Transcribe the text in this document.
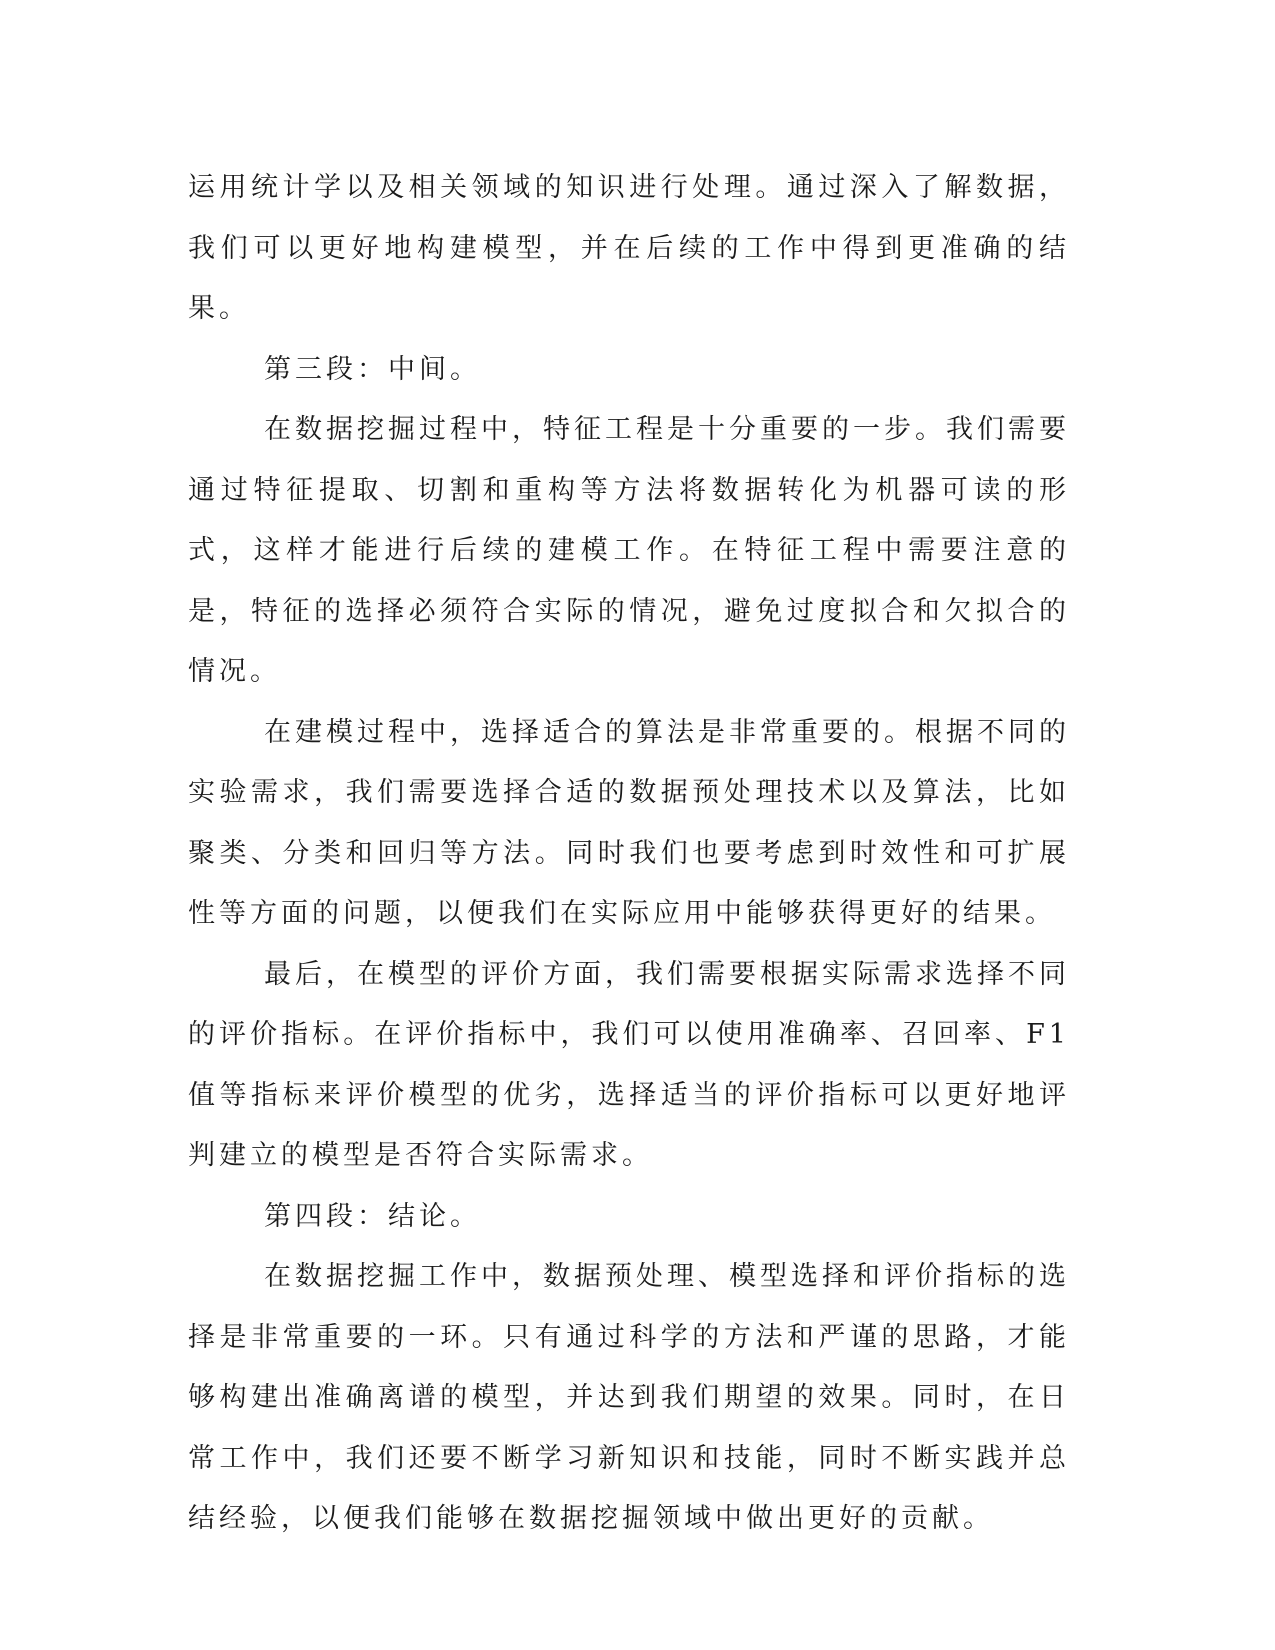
运用统计学以及相关领域的知识进行处理。通过深入了解数据，我们可以更好地构建模型，并在后续的工作中得到更准确的结果。

第三段：中间。

在数据挖掘过程中，特征工程是十分重要的一步。我们需要通过特征提取、切割和重构等方法将数据转化为机器可读的形式，这样才能进行后续的建模工作。在特征工程中需要注意的是，特征的选择必须符合实际的情况，避免过度拟合和欠拟合的情况。

在建模过程中，选择适合的算法是非常重要的。根据不同的实验需求，我们需要选择合适的数据预处理技术以及算法，比如聚类、分类和回归等方法。同时我们也要考虑到时效性和可扩展性等方面的问题，以便我们在实际应用中能够获得更好的结果。

最后，在模型的评价方面，我们需要根据实际需求选择不同的评价指标。在评价指标中，我们可以使用准确率、召回率、F1值等指标来评价模型的优劣，选择适当的评价指标可以更好地评判建立的模型是否符合实际需求。

第四段：结论。

在数据挖掘工作中，数据预处理、模型选择和评价指标的选择是非常重要的一环。只有通过科学的方法和严谨的思路，才能够构建出准确离谱的模型，并达到我们期望的效果。同时，在日常工作中，我们还要不断学习新知识和技能，同时不断实践并总结经验，以便我们能够在数据挖掘领域中做出更好的贡献。
